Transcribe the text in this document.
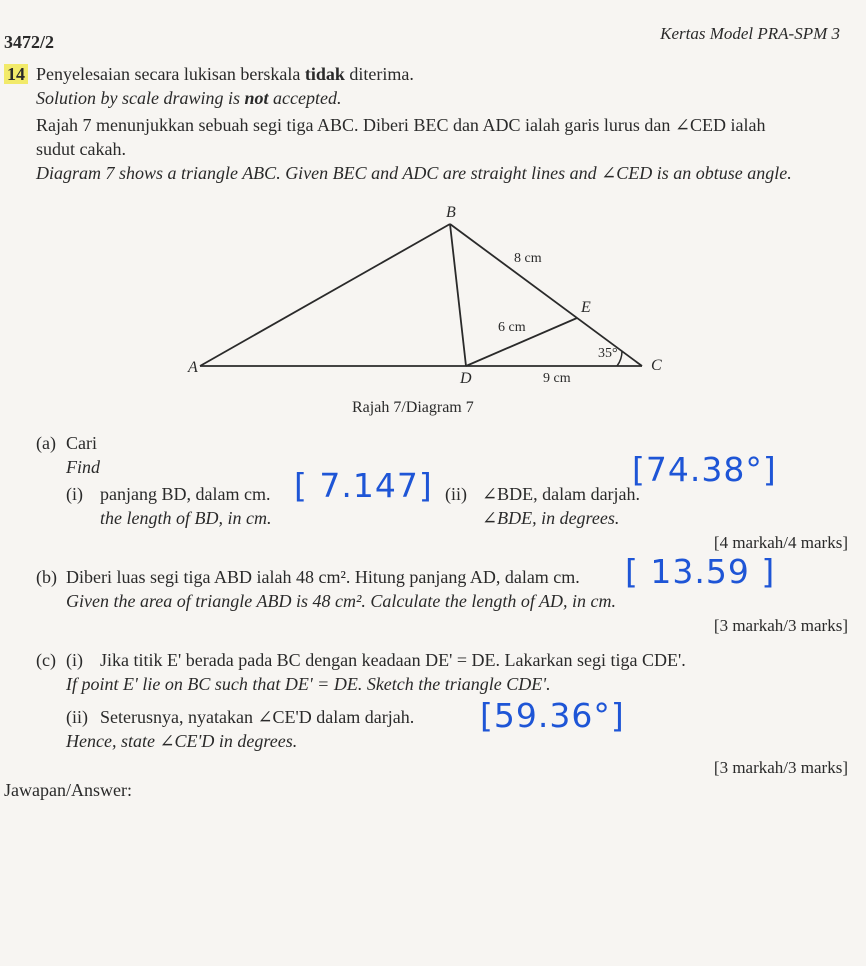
3472/2	Kertas Model PRA-SPM 3
14 Penyelesaian secara lukisan berskala tidak diterima.
Solution by scale drawing is not accepted.
Rajah 7 menunjukkan sebuah segi tiga ABC. Diberi BEC dan ADC ialah garis lurus dan ∠CED ialah
sudut cakah.
Diagram 7 shows a triangle ABC. Given BEC and ADC are straight lines and ∠CED is an obtuse angle.
B
A
D
E
C
8 cm
6 cm
9 cm
35°
Rajah 7/Diagram 7
(a) Cari
Find
(i) panjang BD, dalam cm.
the length of BD, in cm.
(ii) ∠BDE, dalam darjah.
∠BDE, in degrees.
[4 markah/4 marks]
(b) Diberi luas segi tiga ABD ialah 48 cm². Hitung panjang AD, dalam cm.
Given the area of triangle ABD is 48 cm². Calculate the length of AD, in cm.
[3 markah/3 marks]
(c) (i) Jika titik E' berada pada BC dengan keadaan DE' = DE. Lakarkan segi tiga CDE'.
If point E' lie on BC such that DE' = DE. Sketch the triangle CDE'.
(ii) Seterusnya, nyatakan ∠CE'D dalam darjah.
Hence, state ∠CE'D in degrees.
[3 markah/3 marks]
Jawapan/Answer:
[ 7.147]	[74.38°]
[ 13.59 ]
[59.36°]
